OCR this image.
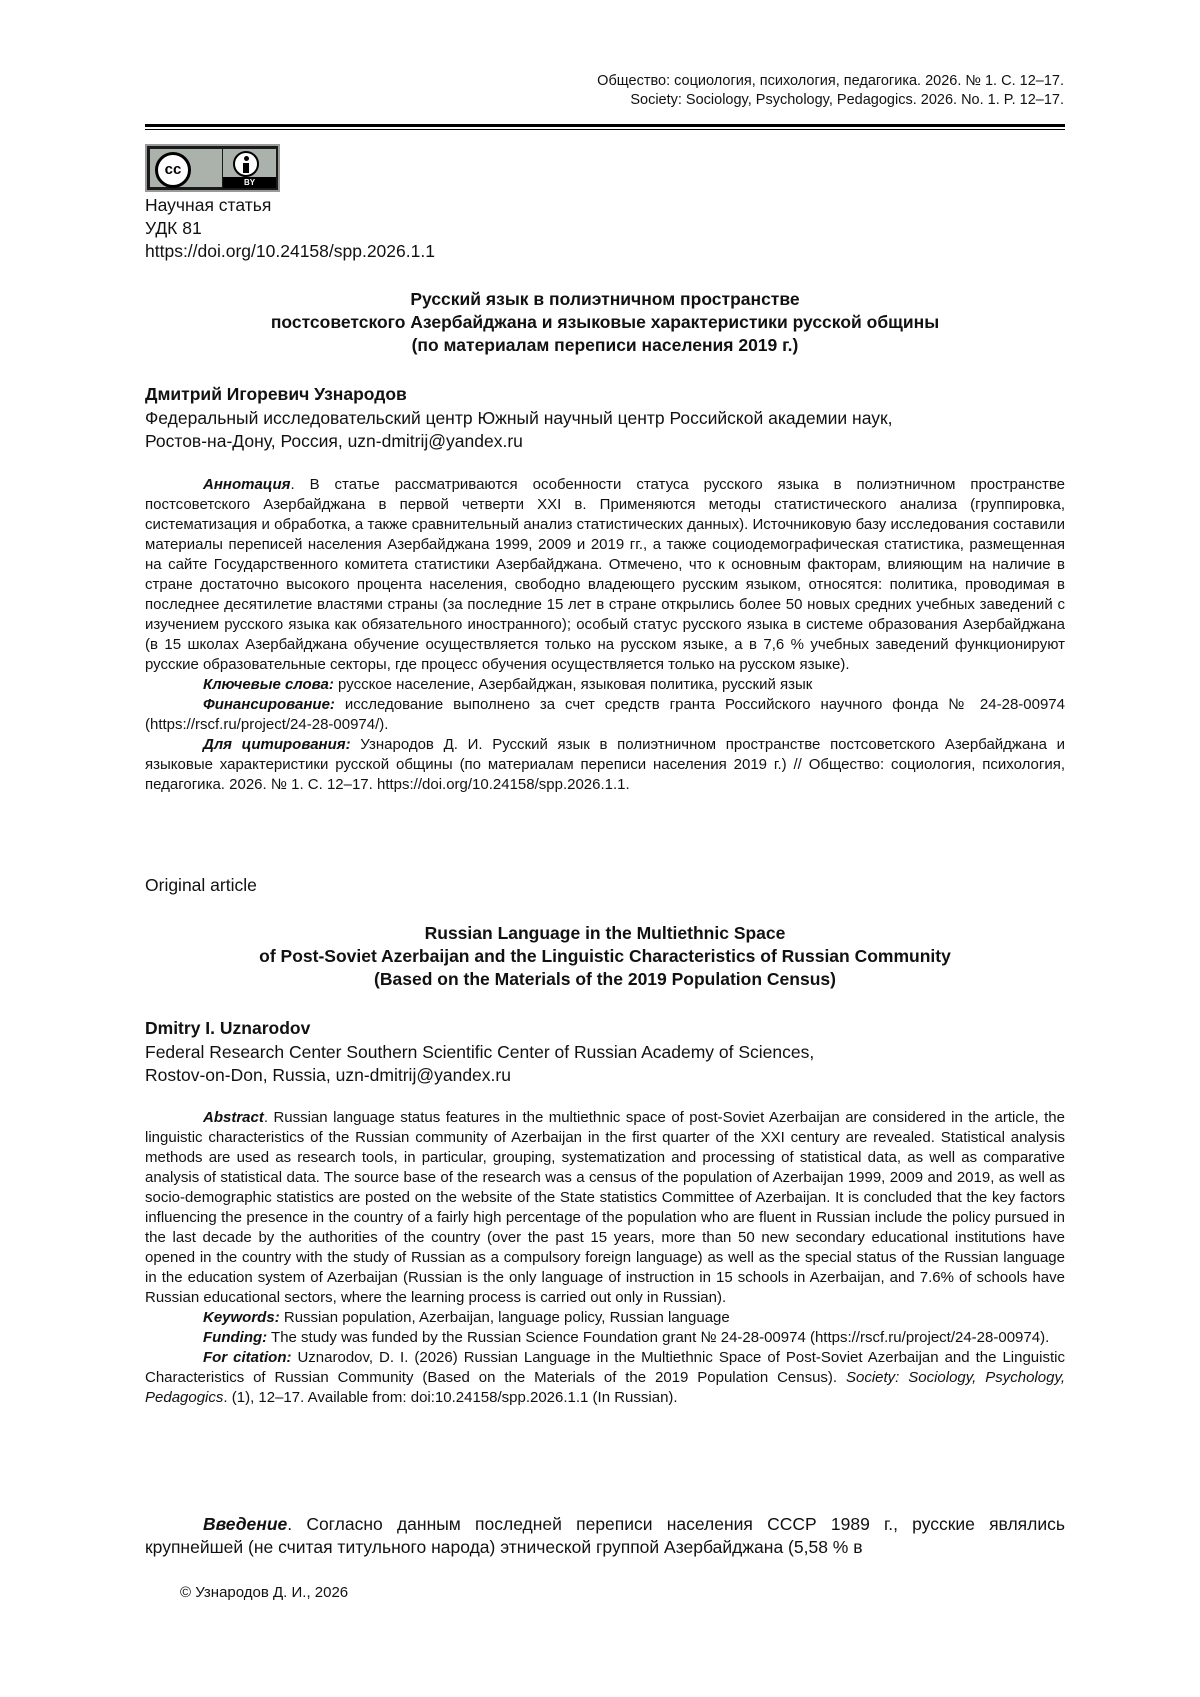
Общество: социология, психология, педагогика. 2026. № 1. С. 12–17.
Society: Sociology, Psychology, Pedagogics. 2026. No. 1. P. 12–17.
cc
BY
Научная статья
УДК 81
https://doi.org/10.24158/spp.2026.1.1
Русский язык в полиэтничном пространстве
постсоветского Азербайджана и языковые характеристики русской общины
(по материалам переписи населения 2019 г.)
Дмитрий Игоревич Узнародов
Федеральный исследовательский центр Южный научный центр Российской академии наук,
Ростов-на-Дону, Россия, uzn-dmitrij@yandex.ru

Аннотация. В статье рассматриваются особенности статуса русского языка в полиэтничном пространстве постсоветского Азербайджана в первой четверти XXI в. Применяются методы статистического анализа (группировка, систематизация и обработка, а также сравнительный анализ статистических данных). Источниковую базу исследования составили материалы переписей населения Азербайджана 1999, 2009 и 2019 гг., а также социодемографическая статистика, размещенная на сайте Государственного комитета статистики Азербайджана. Отмечено, что к основным факторам, влияющим на наличие в стране достаточно высокого процента населения, свободно владеющего русским языком, относятся: политика, проводимая в последнее десятилетие властями страны (за последние 15 лет в стране открылись более 50 новых средних учебных заведений с изучением русского языка как обязательного иностранного); особый статус русского языка в системе образования Азербайджана (в 15 школах Азербайджана обучение осуществляется только на русском языке, а в 7,6 % учебных заведений функционируют русские образовательные секторы, где процесс обучения осуществляется только на русском языке).

Ключевые слова: русское население, Азербайджан, языковая политика, русский язык

Финансирование: исследование выполнено за счет средств гранта Российского научного фонда № 24-28-00974 (https://rscf.ru/project/24-28-00974/).

Для цитирования: Узнародов Д. И. Русский язык в полиэтничном пространстве постсоветского Азербайджана и языковые характеристики русской общины (по материалам переписи населения 2019 г.) // Общество: социология, психология, педагогика. 2026. № 1. С. 12–17. https://doi.org/10.24158/spp.2026.1.1.

Original article
Russian Language in the Multiethnic Space
of Post-Soviet Azerbaijan and the Linguistic Characteristics of Russian Community
(Based on the Materials of the 2019 Population Census)
Dmitry I. Uznarodov
Federal Research Center Southern Scientific Center of Russian Academy of Sciences,
Rostov-on-Don, Russia, uzn-dmitrij@yandex.ru

Abstract. Russian language status features in the multiethnic space of post-Soviet Azerbaijan are considered in the article, the linguistic characteristics of the Russian community of Azerbaijan in the first quarter of the XXI century are revealed. Statistical analysis methods are used as research tools, in particular, grouping, systematization and processing of statistical data, as well as comparative analysis of statistical data. The source base of the research was a census of the population of Azerbaijan 1999, 2009 and 2019, as well as socio-demographic statistics are posted on the website of the State statistics Committee of Azerbaijan. It is concluded that the key factors influencing the presence in the country of a fairly high percentage of the population who are fluent in Russian include the policy pursued in the last decade by the authorities of the country (over the past 15 years, more than 50 new secondary educational institutions have opened in the country with the study of Russian as a compulsory foreign language) as well as the special status of the Russian language in the education system of Azerbaijan (Russian is the only language of instruction in 15 schools in Azerbaijan, and 7.6% of schools have Russian educational sectors, where the learning process is carried out only in Russian).

Keywords: Russian population, Azerbaijan, language policy, Russian language

Funding: The study was funded by the Russian Science Foundation grant № 24-28-00974 (https://rscf.ru/project/24-28-00974).

For citation: Uznarodov, D. I. (2026) Russian Language in the Multiethnic Space of Post-Soviet Azerbaijan and the Linguistic Characteristics of Russian Community (Based on the Materials of the 2019 Population Census). Society: Sociology, Psychology, Pedagogics. (1), 12–17. Available from: doi:10.24158/spp.2026.1.1 (In Russian).

Введение. Согласно данным последней переписи населения СССР 1989 г., русские являлись крупнейшей (не считая титульного народа) этнической группой Азербайджана (5,58 % в

© Узнародов Д. И., 2026
